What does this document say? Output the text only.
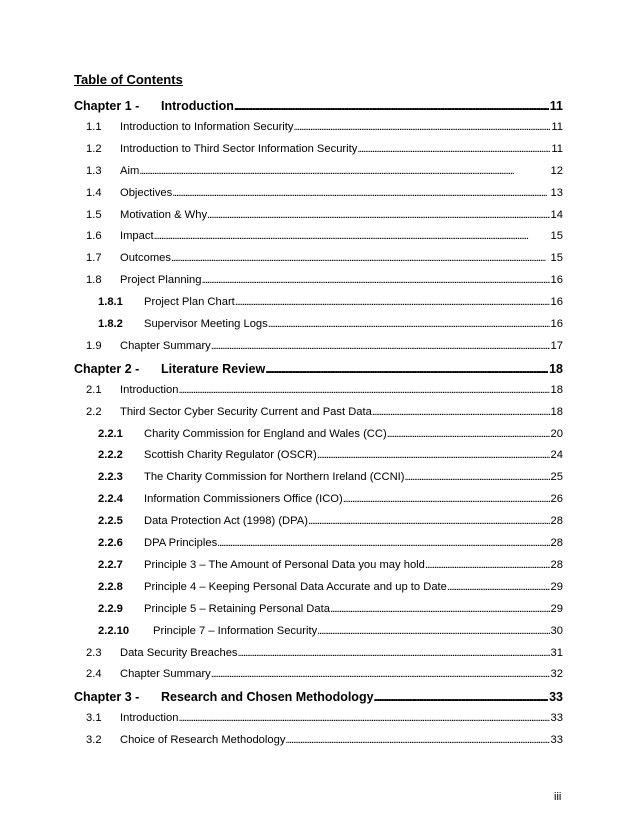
Table of Contents
Chapter 1 -	Introduction . . .	11
1.1	Introduction to Information Security . . .	11
1.2	Introduction to Third Sector Information Security . . .	11
1.3	Aim . . .	12
1.4	Objectives . . .	13
1.5	Motivation & Why . . .	14
1.6	Impact . . .	15
1.7	Outcomes . . .	15
1.8	Project Planning . . .	16
1.8.1	Project Plan Chart . . .	16
1.8.2	Supervisor Meeting Logs . . .	16
1.9	Chapter Summary . . .	17
Chapter 2 -	Literature Review . . .	18
2.1	Introduction . . .	18
2.2	Third Sector Cyber Security Current and Past Data . . .	18
2.2.1	Charity Commission for England and Wales (CC) . . .	20
2.2.2	Scottish Charity Regulator (OSCR) . . .	24
2.2.3	The Charity Commission for Northern Ireland (CCNI) . . .	25
2.2.4	Information Commissioners Office (ICO) . . .	26
2.2.5	Data Protection Act (1998) (DPA) . . .	28
2.2.6	DPA Principles . . .	28
2.2.7	Principle 3 – The Amount of Personal Data you may hold . . .	28
2.2.8	Principle 4 – Keeping Personal Data Accurate and up to Date . . .	29
2.2.9	Principle 5 – Retaining Personal Data . . .	29
2.2.10	Principle 7 – Information Security . . .	30
2.3	Data Security Breaches . . .	31
2.4	Chapter Summary . . .	32
Chapter 3 -	Research and Chosen Methodology . . .	33
3.1	Introduction . . .	33
3.2	Choice of Research Methodology . . .	33
iii
